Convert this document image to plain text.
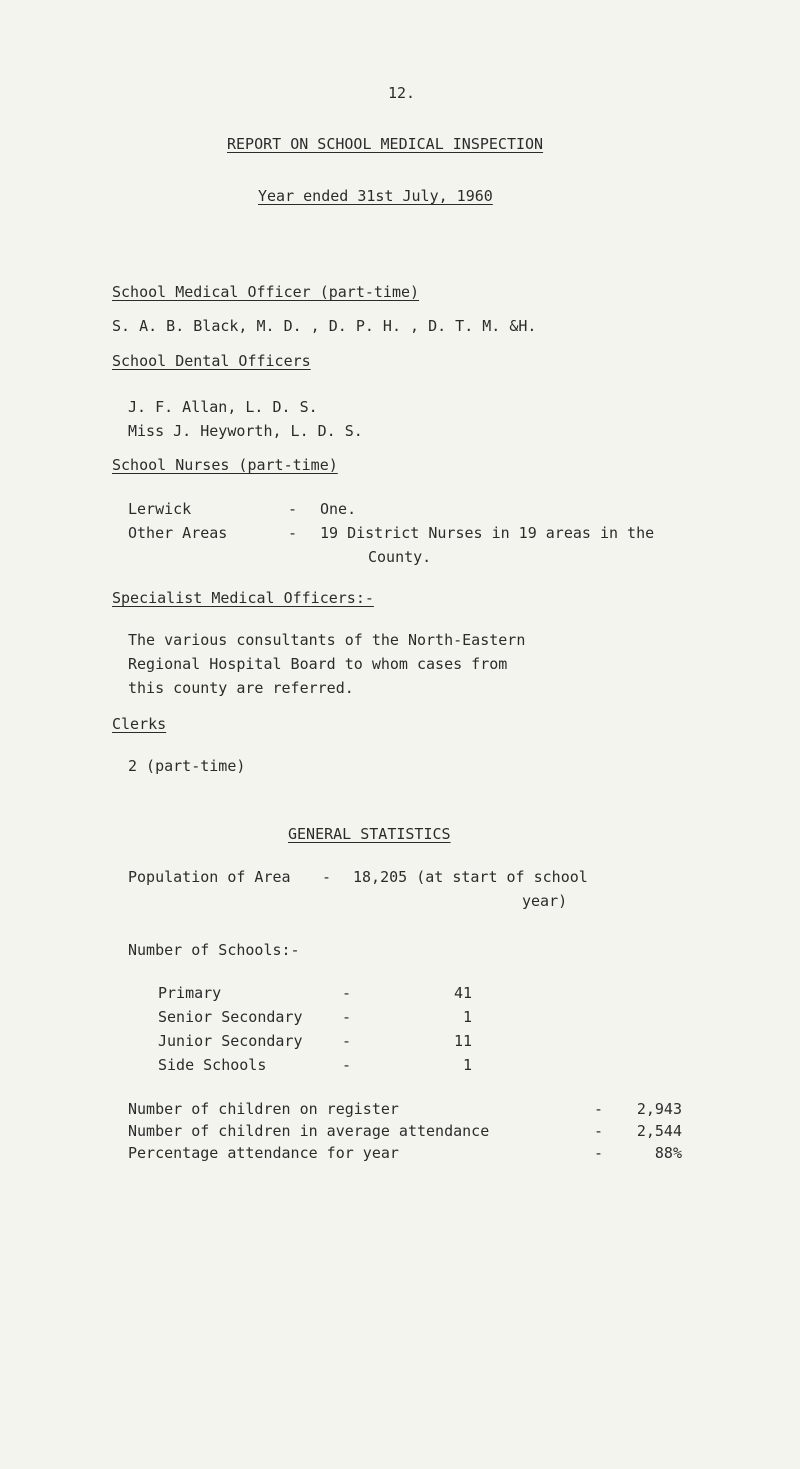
12.
REPORT ON SCHOOL MEDICAL INSPECTION
Year ended 31st July, 1960
School Medical Officer (part-time)
S. A. B. Black, M. D. , D. P. H. , D. T. M. &H.
School Dental Officers
J. F. Allan, L. D. S.
Miss J. Heyworth, L. D. S.
School Nurses (part-time)
Lerwick	- One.
Other Areas	- 19 District Nurses in 19 areas in the
County.
Specialist Medical Officers:-
The various consultants of the North-Eastern
Regional Hospital Board to whom cases from
this county are referred.
Clerks
2 (part-time)
GENERAL STATISTICS
Population of Area - 18,205 (at start of school
year)
Number of Schools:-
Primary	-	41
Senior Secondary	-	1
Junior Secondary	-	11
Side Schools	-	1
Number of children on register	-	2,943
Number of children in average attendance	-	2,544
Percentage attendance for year	-	88%
